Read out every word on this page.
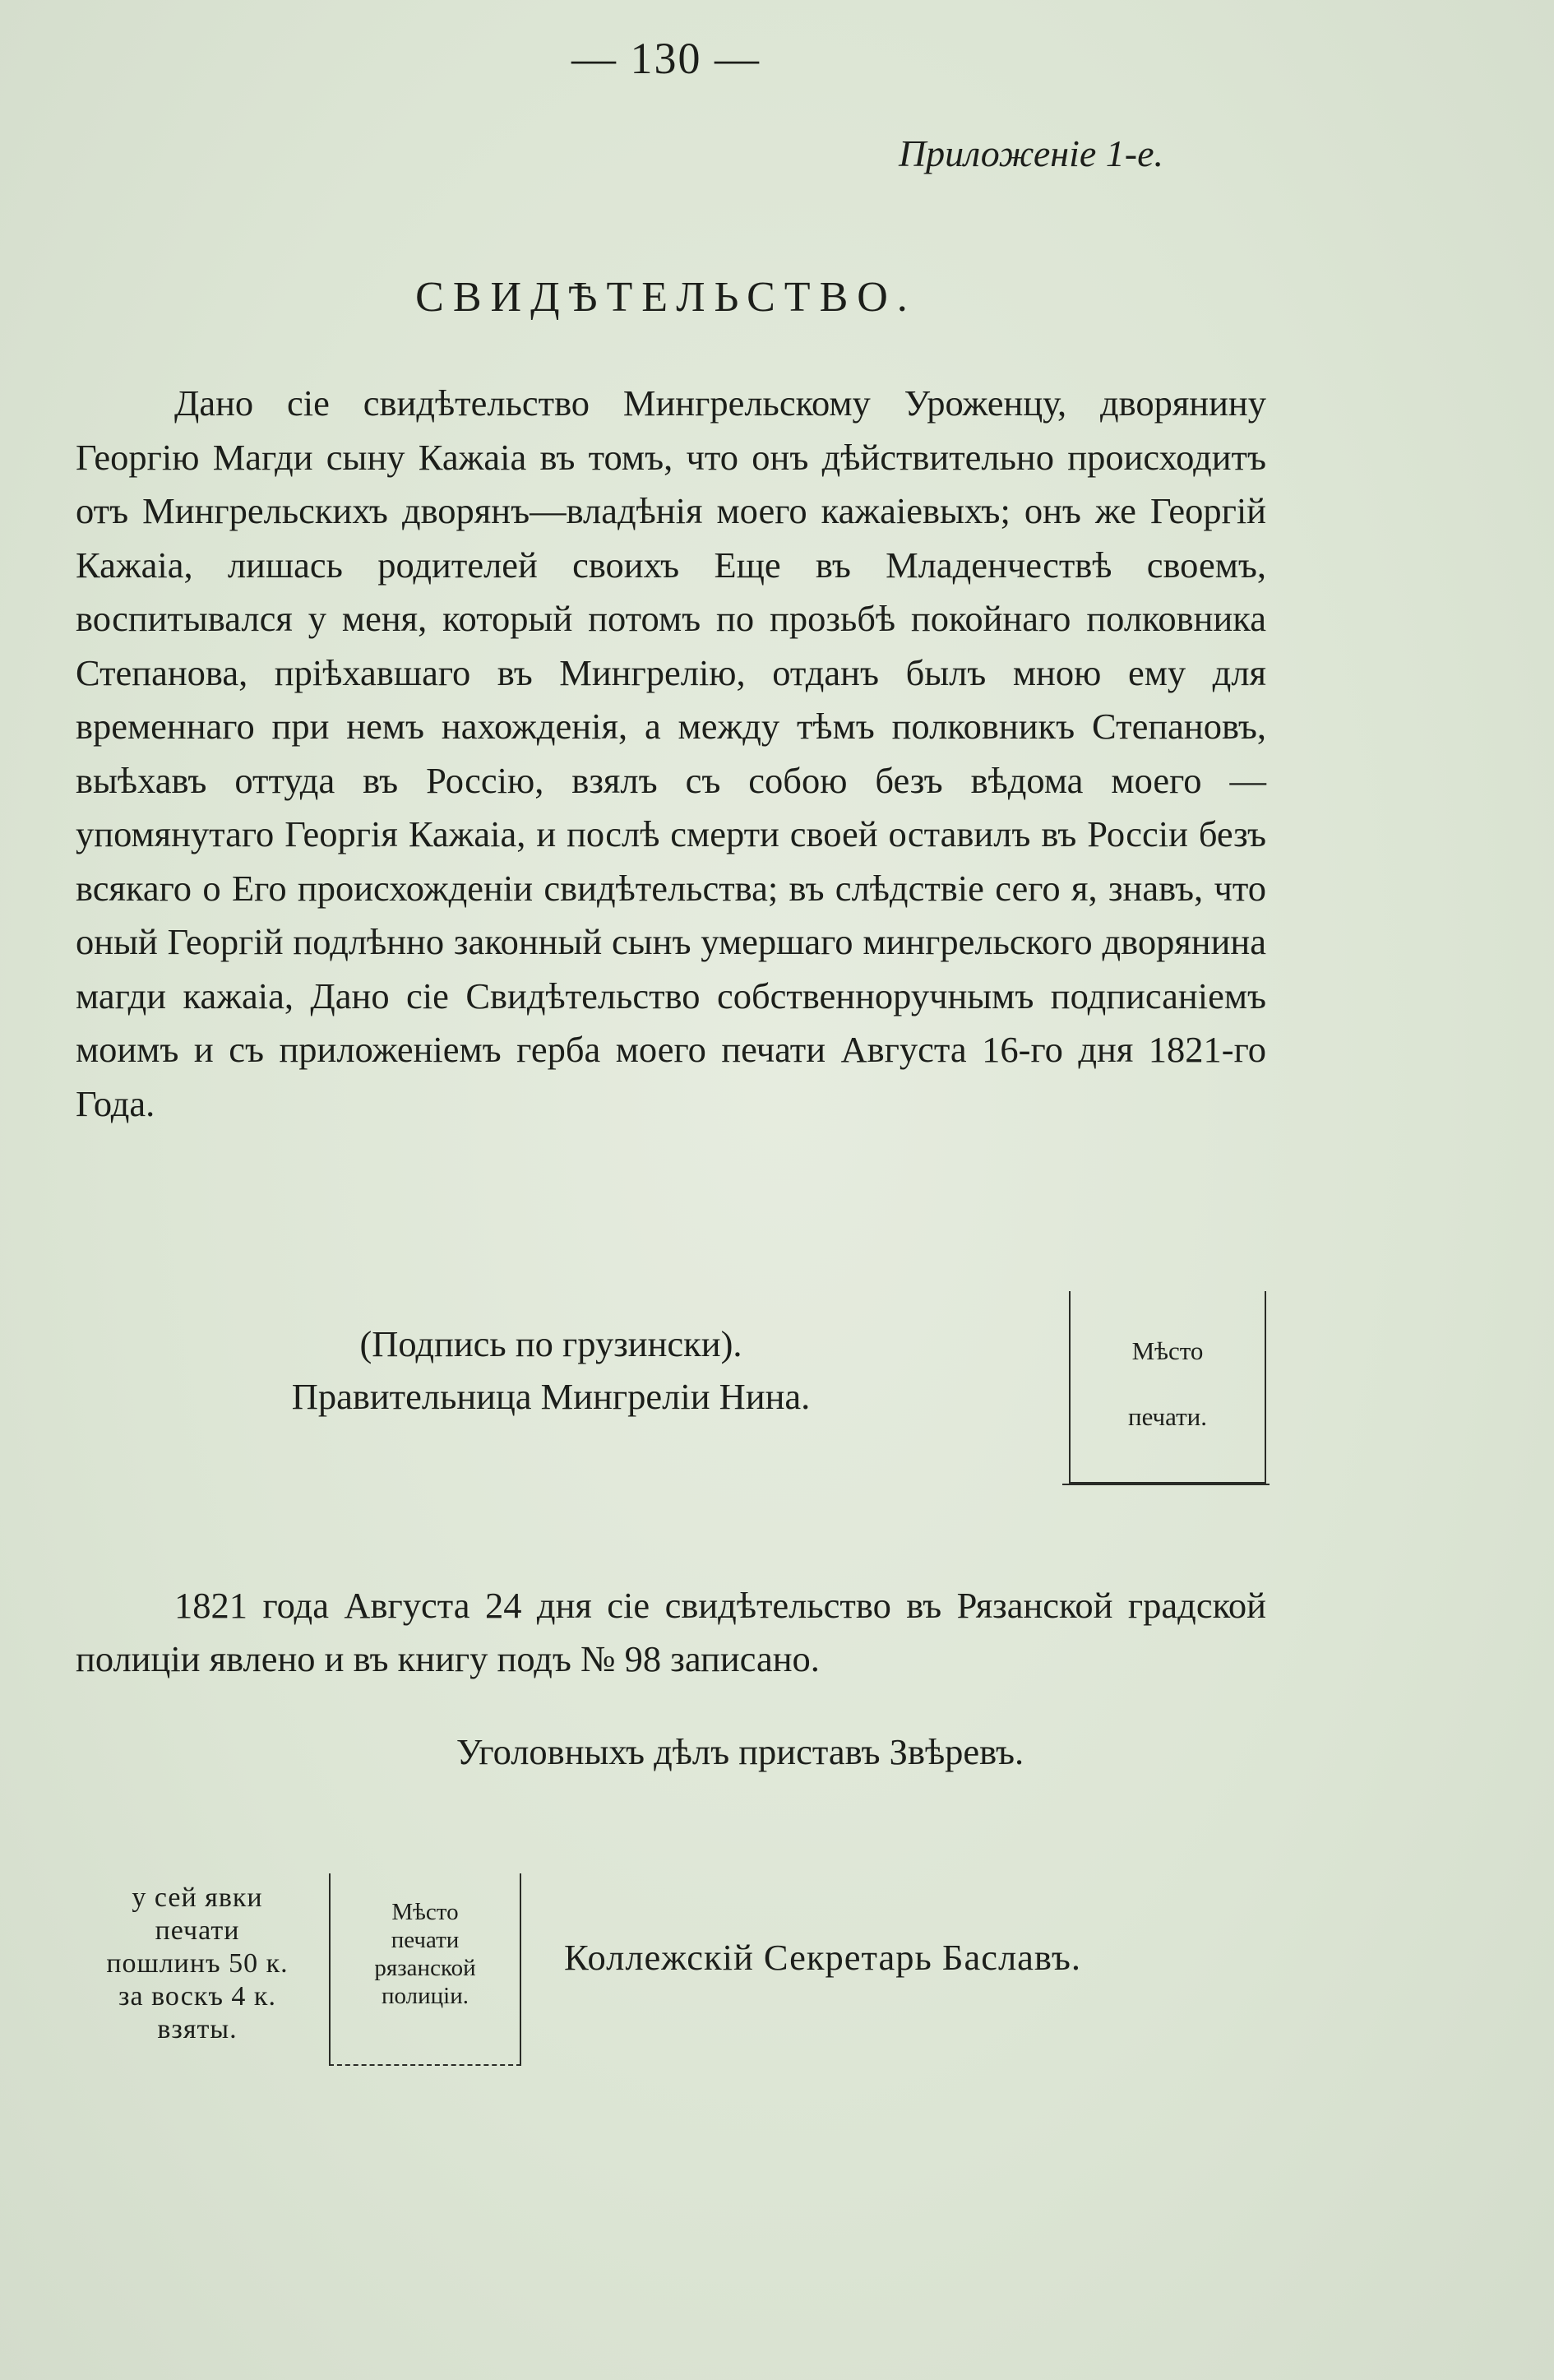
— 130 —
Приложенiе 1-е.
СВИДѢТЕЛЬСТВО.

Дано сiе свидѣтельство Мингрельскому Уроженцу, дворянину Георгiю Магди сыну Кажаiа въ томъ, что онъ дѣйствительно происходитъ отъ Мингрельскихъ дворянъ—владѣнiя моего кажаiевыхъ; онъ же Георгiй Кажаiа, лишась родителей своихъ Еще въ Младенчествѣ своемъ, воспитывался у меня, который потомъ по прозьбѣ покойнаго полковника Степанова, прiѣхавшаго въ Мингрелiю, отданъ былъ мною ему для временнаго при немъ нахожденiя, а между тѣмъ полковникъ Степановъ, выѣхавъ оттуда въ Россiю, взялъ съ собою безъ вѣдома моего — упомянутаго Георгiя Кажаiа, и послѣ смерти своей оставилъ въ Россiи безъ всякаго о Его происхожденiи свидѣтельства; въ слѣдствiе сего я, знавъ, что оный Георгiй подлѣнно законный сынъ умершаго мингрельского дворянина магди кажаiа, Дано сiе Свидѣтельство собственноручнымъ подписанiемъ моимъ и съ приложенiемъ герба моего печати Августа 16-го дня 1821-го Года.

(Подпись по грузински).
Правительница Мингрелiи Нина.
Мѣсто
печати.

1821 года Августа 24 дня сiе свидѣтельство въ Рязанской градской полицiи явлено и въ книгу подъ № 98 записано.

Уголовныхъ дѣлъ приставъ Звѣревъ.
у сей явки
печати
пошлинъ 50 к.
за воскъ 4 к.
взяты.
Мѣсто
печати
рязанской
полицiи.
Коллежскiй Секретарь Баславъ.
